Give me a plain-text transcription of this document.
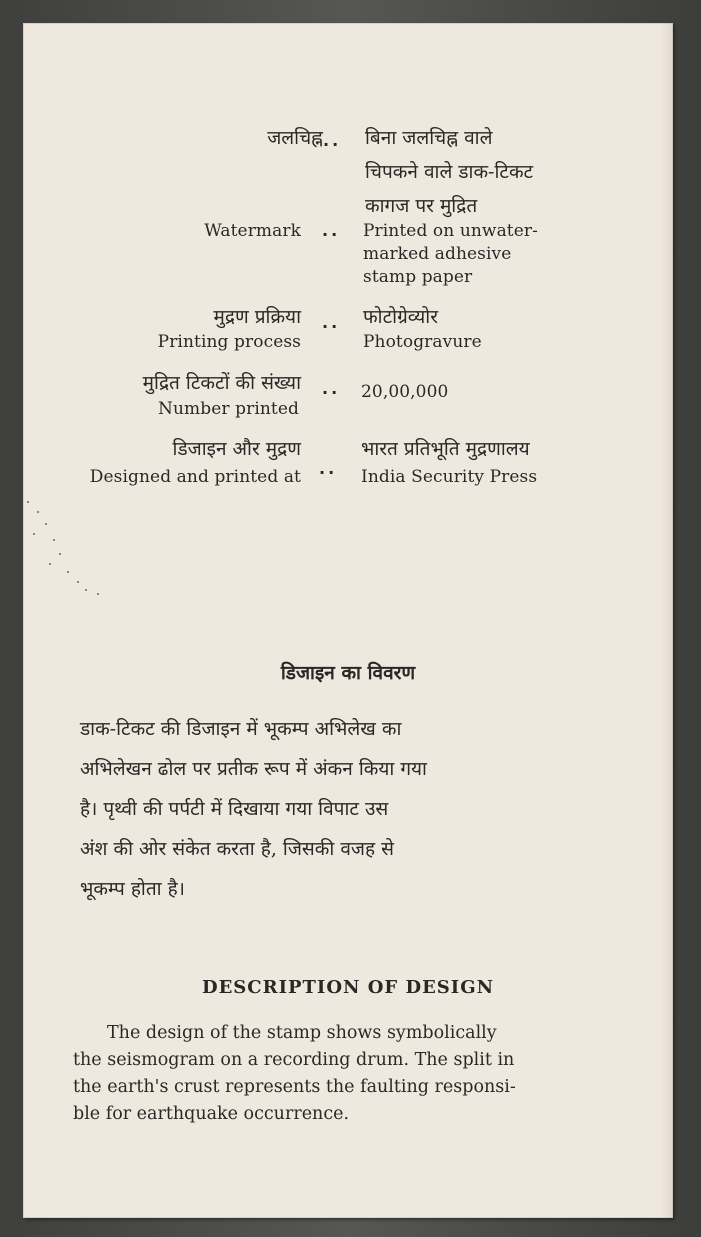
जलचिह्न .. बिना जलचिह्न वाले
चिपकने वाले डाक-टिकट
कागज पर मुद्रित
Watermark .. Printed on unwater-
marked adhesive
stamp paper
मुद्रण प्रक्रिया .. फोटोग्रेव्योर
Printing process	Photogravure
मुद्रित टिकटों की संख्या .. 20,00,000
Number printed
डिजाइन और मुद्रण	भारत प्रतिभूति मुद्रणालय
Designed and printed at .. India Security Press
डिजाइन का विवरण
डाक-टिकट की डिजाइन में भूकम्प अभिलेख का
अभिलेखन ढोल पर प्रतीक रूप में अंकन किया गया
है। पृथ्वी की पर्पटी में दिखाया गया विपाट उस
अंश की ओर संकेत करता है, जिसकी वजह से
भूकम्प होता है।
DESCRIPTION OF DESIGN
The design of the stamp shows symbolically
the seismogram on a recording drum. The split in
the earth's crust represents the faulting responsi-
ble for earthquake occurrence.
